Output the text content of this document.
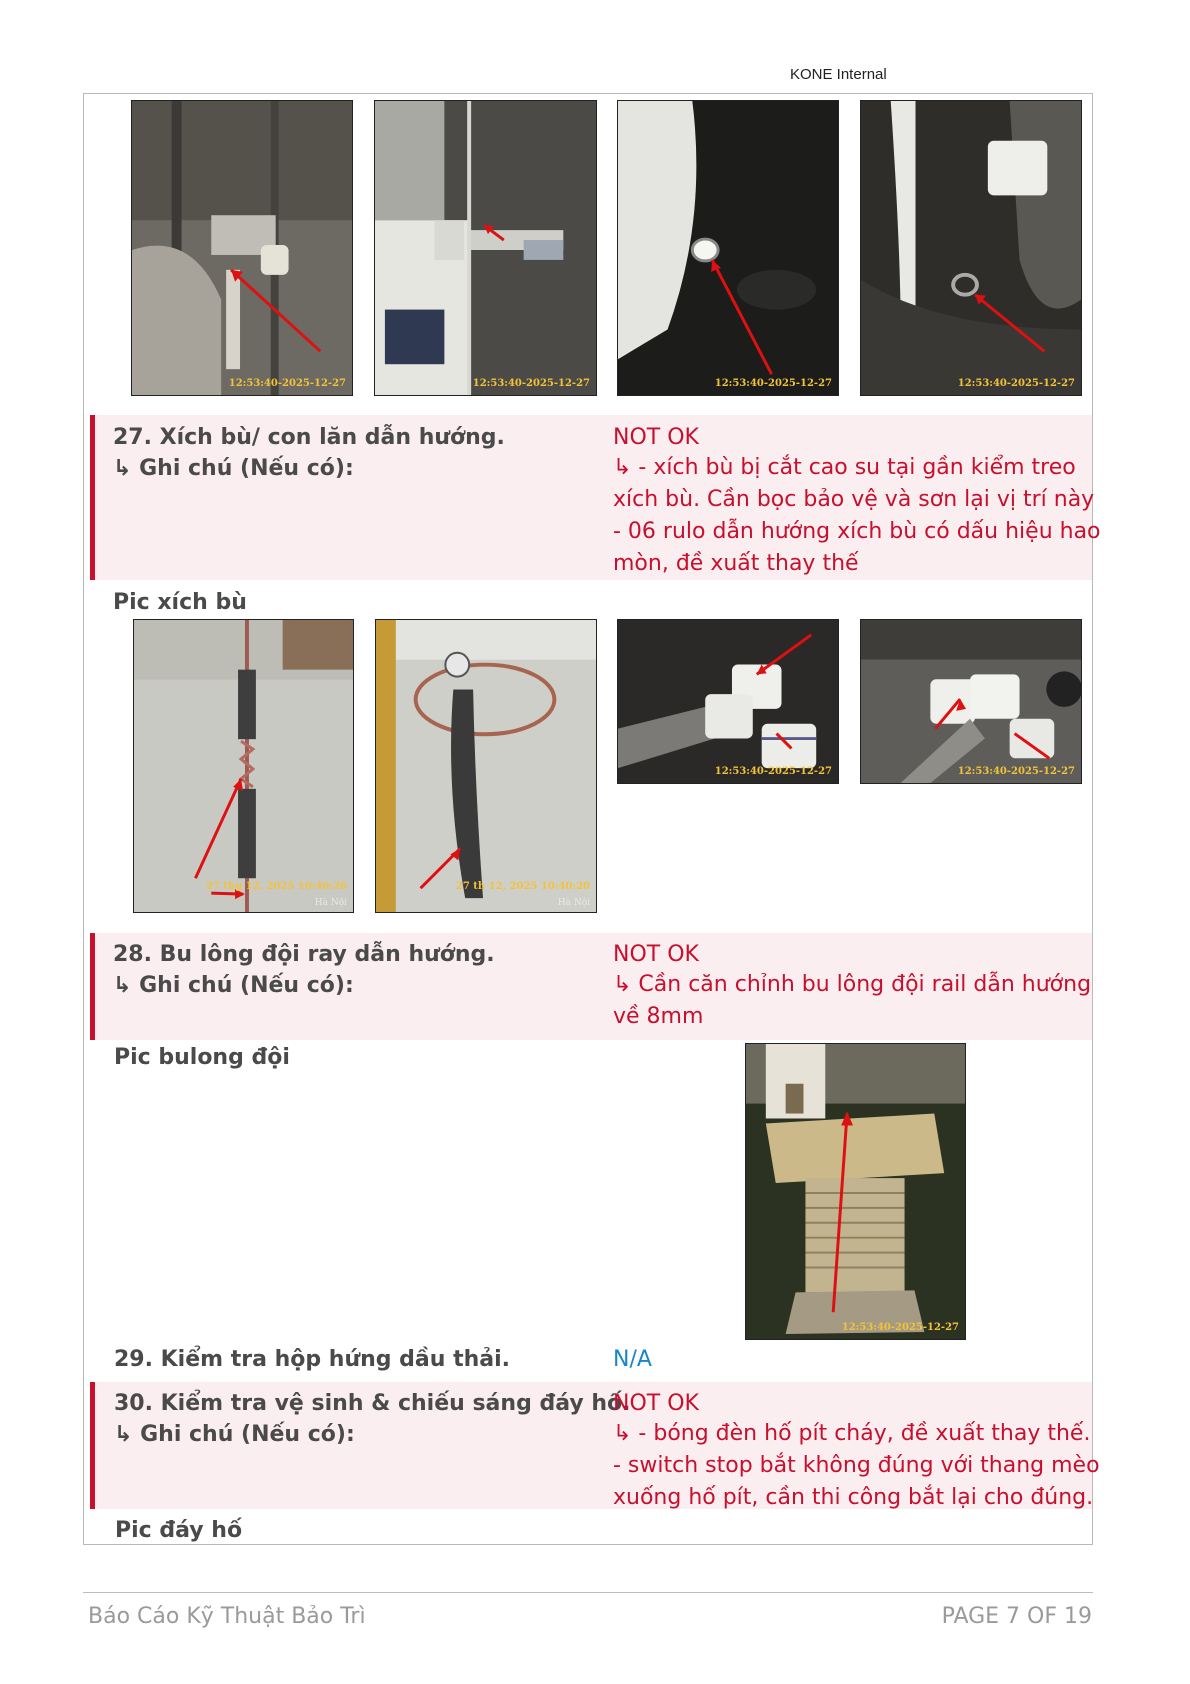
KONE Internal
12:53:40-2025-12-27	12:53:40-2025-12-27	12:53:40-2025-12-27	12:53:40-2025-12-27
27. Xích bù/ con lăn dẫn hướng.
↳ Ghi chú (Nếu có):
NOT OK
↳ - xích bù bị cắt cao su tại gần kiểm treo
xích bù. Cần bọc bảo vệ và sơn lại vị trí này
- 06 rulo dẫn hướng xích bù có dấu hiệu hao
mòn, đề xuất thay thế
Pic xích bù
27 thg 12, 2025 10:40:26
Hà Nội
27 th 12, 2025 10:40:20
Hà Nội
12:53:40-2025-12-27	12:53:40-2025-12-27
28. Bu lông đội ray dẫn hướng.
↳ Ghi chú (Nếu có):
NOT OK
↳ Cần căn chỉnh bu lông đội rail dẫn hướng
về 8mm
Pic bulong đội
12:53:40-2025-12-27
29. Kiểm tra hộp hứng dầu thải.	N/A
30. Kiểm tra vệ sinh & chiếu sáng đáy hố.
↳ Ghi chú (Nếu có):
NOT OK
↳ - bóng đèn hố pít cháy, đề xuất thay thế.
- switch stop bắt không đúng với thang mèo
xuống hố pít, cần thi công bắt lại cho đúng.
Pic đáy hố
Báo Cáo Kỹ Thuật Bảo Trì	PAGE 7 OF 19
